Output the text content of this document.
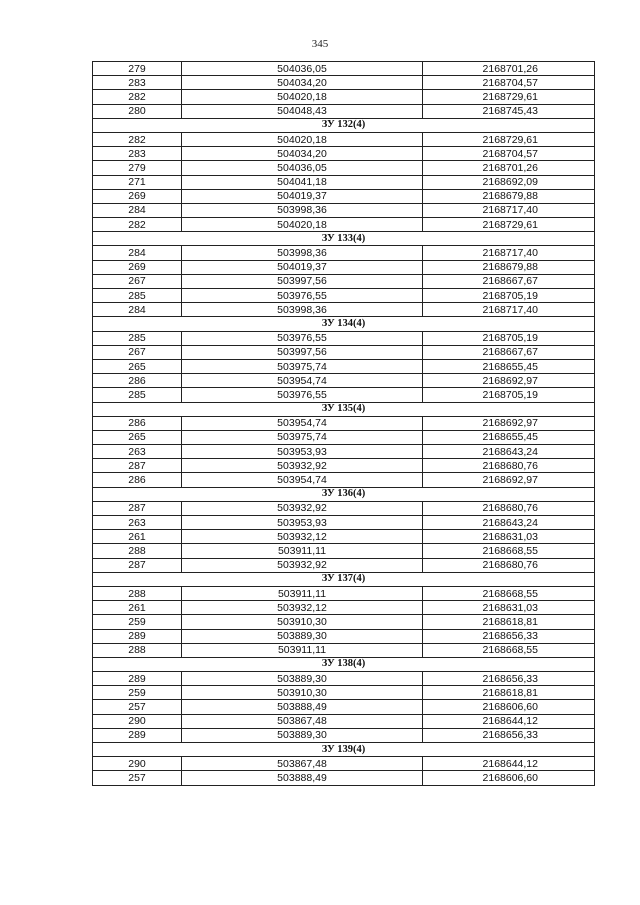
345
279	504036,05	2168701,26
283	504034,20	2168704,57
282	504020,18	2168729,61
280	504048,43	2168745,43
ЗУ 132(4)		
282	504020,18	2168729,61
283	504034,20	2168704,57
279	504036,05	2168701,26
271	504041,18	2168692,09
269	504019,37	2168679,88
284	503998,36	2168717,40
282	504020,18	2168729,61
ЗУ 133(4)		
284	503998,36	2168717,40
269	504019,37	2168679,88
267	503997,56	2168667,67
285	503976,55	2168705,19
284	503998,36	2168717,40
ЗУ 134(4)		
285	503976,55	2168705,19
267	503997,56	2168667,67
265	503975,74	2168655,45
286	503954,74	2168692,97
285	503976,55	2168705,19
ЗУ 135(4)		
286	503954,74	2168692,97
265	503975,74	2168655,45
263	503953,93	2168643,24
287	503932,92	2168680,76
286	503954,74	2168692,97
ЗУ 136(4)		
287	503932,92	2168680,76
263	503953,93	2168643,24
261	503932,12	2168631,03
288	503911,11	2168668,55
287	503932,92	2168680,76
ЗУ 137(4)		
288	503911,11	2168668,55
261	503932,12	2168631,03
259	503910,30	2168618,81
289	503889,30	2168656,33
288	503911,11	2168668,55
ЗУ 138(4)		
289	503889,30	2168656,33
259	503910,30	2168618,81
257	503888,49	2168606,60
290	503867,48	2168644,12
289	503889,30	2168656,33
ЗУ 139(4)		
290	503867,48	2168644,12
257	503888,49	2168606,60
